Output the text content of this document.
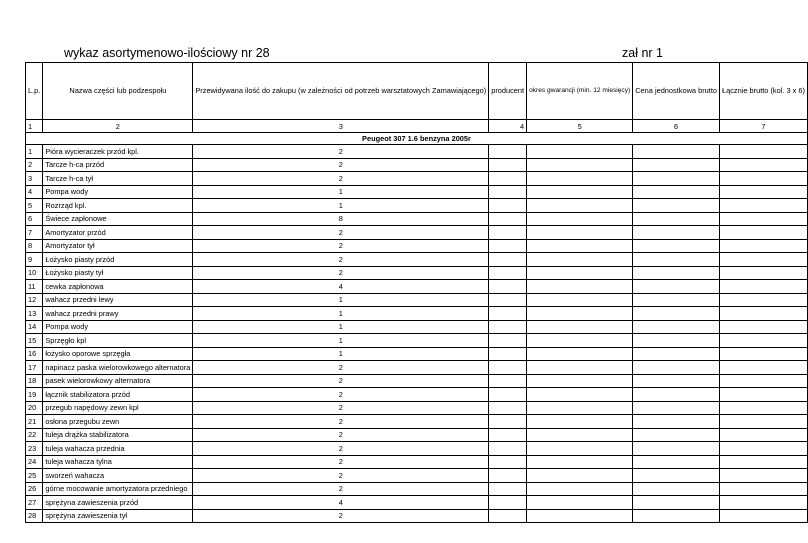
wykaz asortymenowo-ilościowy nr 28	zał nr 1
L.p.	Nazwa części lub podzespołu	Przewidywana ilość do zakupu (w zależności od potrzeb warsztatowych Zamawiającego)	producent	okres gwarancji (min. 12 miesięcy)	Cena jednostkowa brutto	Łącznie brutto (kol. 3 x 6)
1	2	3	4	5	6	7
Peugeot 307 1.6 benzyna 2005r						
1	Pióra wycieraczek przód kpl.	2				
2	Tarcze h-ca przód	2				
3	Tarcze h-ca tył	2				
4	Pompa wody	1				
5	Rozrząd kpl.	1				
6	Świece zapłonowe	8				
7	Amortyzator przód	2				
8	Amortyzator tył	2				
9	Łożysko piasty przód	2				
10	Łożysko piasty tył	2				
11	cewka zapłonowa	4				
12	wahacz przedni lewy	1				
13	wahacz przedni prawy	1				
14	Pompa wody	1				
15	Sprzęgło kpl	1				
16	łożysko oporowe sprzęgła	1				
17	napinacz paska wielorowkowego alternatora	2				
18	pasek wielorowkowy alternatora	2				
19	łącznik stabilizatora przód	2				
20	przegub napędowy zewn kpl	2				
21	osłona przegubu zewn	2				
22	tuleja drążka stabilizatora	2				
23	tuleja wahacza przednia	2				
24	tuleja wahacza tylna	2				
25	sworzeń wahacza	2				
26	górne mocowanie amortyzatora przedniego	2				
27	sprężyna zawieszenia przód	4				
28	sprężyna zawieszenia tył	2				
